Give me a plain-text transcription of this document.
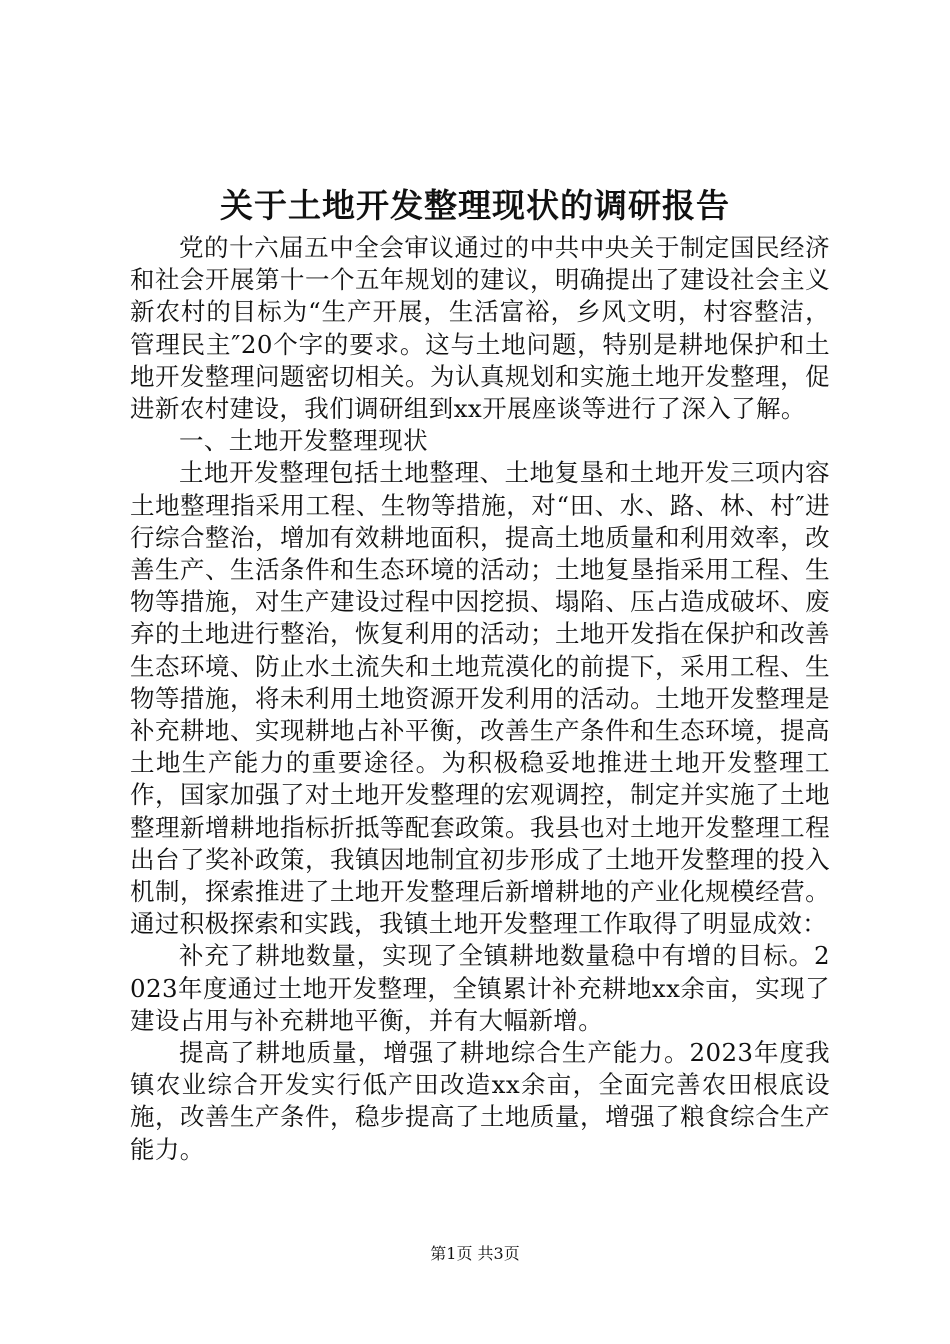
关于土地开发整理现状的调研报告

党的十六届五中全会审议通过的中共中央关于制定国民经济和社会开展第十一个五年规划的建议，明确提出了建设社会主义新农村的目标为“生产开展，生活富裕，乡风文明，村容整洁，管理民主″20个字的要求。这与土地问题，特别是耕地保护和土地开发整理问题密切相关。为认真规划和实施土地开发整理，促进新农村建设，我们调研组到xx开展座谈等进行了深入了解。

一、土地开发整理现状

土地开发整理包括土地整理、土地复垦和土地开发三项内容土地整理指采用工程、生物等措施，对“田、水、路、林、村″进行综合整治，增加有效耕地面积，提高土地质量和利用效率，改善生产、生活条件和生态环境的活动；土地复垦指采用工程、生物等措施，对生产建设过程中因挖损、塌陷、压占造成破坏、废弃的土地进行整治，恢复利用的活动；土地开发指在保护和改善生态环境、防止水土流失和土地荒漠化的前提下，采用工程、生物等措施，将未利用土地资源开发利用的活动。土地开发整理是补充耕地、实现耕地占补平衡，改善生产条件和生态环境，提高土地生产能力的重要途径。为积极稳妥地推进土地开发整理工作，国家加强了对土地开发整理的宏观调控，制定并实施了土地整理新增耕地指标折抵等配套政策。我县也对土地开发整理工程出台了奖补政策，我镇因地制宜初步形成了土地开发整理的投入机制，探索推进了土地开发整理后新增耕地的产业化规模经营。通过积极探索和实践，我镇土地开发整理工作取得了明显成效：

补充了耕地数量，实现了全镇耕地数量稳中有增的目标。2023年度通过土地开发整理，全镇累计补充耕地xx余亩，实现了建设占用与补充耕地平衡，并有大幅新增。

提高了耕地质量，增强了耕地综合生产能力。2023年度我镇农业综合开发实行低产田改造xx余亩，全面完善农田根底设施，改善生产条件，稳步提高了土地质量，增强了粮食综合生产能力。

第1页 共3页
